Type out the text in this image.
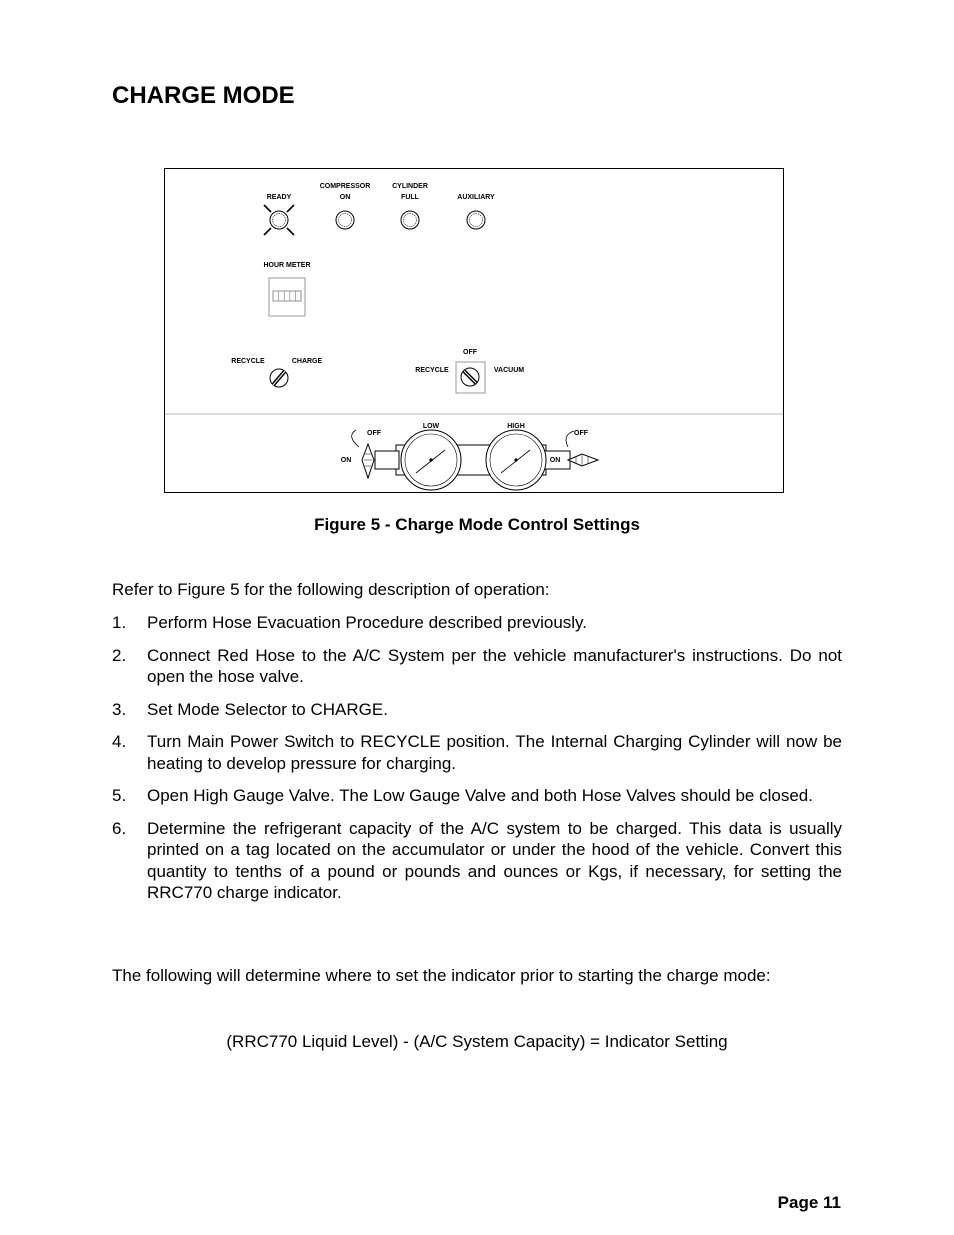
CHARGE MODE
READY
COMPRESSOR
ON
CYLINDER
FULL	AUXILIARY
HOUR METER
RECYCLE	CHARGE
OFF
RECYCLE	VACUUM
LOW	HIGH
OFF
ON
OFF
ON
Figure 5 - Charge Mode Control Settings
Refer to Figure 5 for the following description of operation:
1.	Perform Hose Evacuation Procedure described previously.
2.	Connect Red Hose to the A/C System per the vehicle manufacturer's instructions. Do not open the hose valve.
3.	Set Mode Selector to CHARGE.
4.	Turn Main Power Switch to RECYCLE position. The Internal Charging Cylinder will now be heating to develop pressure for charging.
5.	Open High Gauge Valve. The Low Gauge Valve and both Hose Valves should be closed.
6.	Determine the refrigerant capacity of the A/C system to be charged. This data is usually printed on a tag located on the accumulator or under the hood of the vehicle. Convert this quantity to tenths of a pound or pounds and ounces or Kgs, if necessary, for setting the RRC770 charge indicator.
The following will determine where to set the indicator prior to starting the charge mode:
(RRC770 Liquid Level) - (A/C System Capacity) = Indicator Setting
Page 11
